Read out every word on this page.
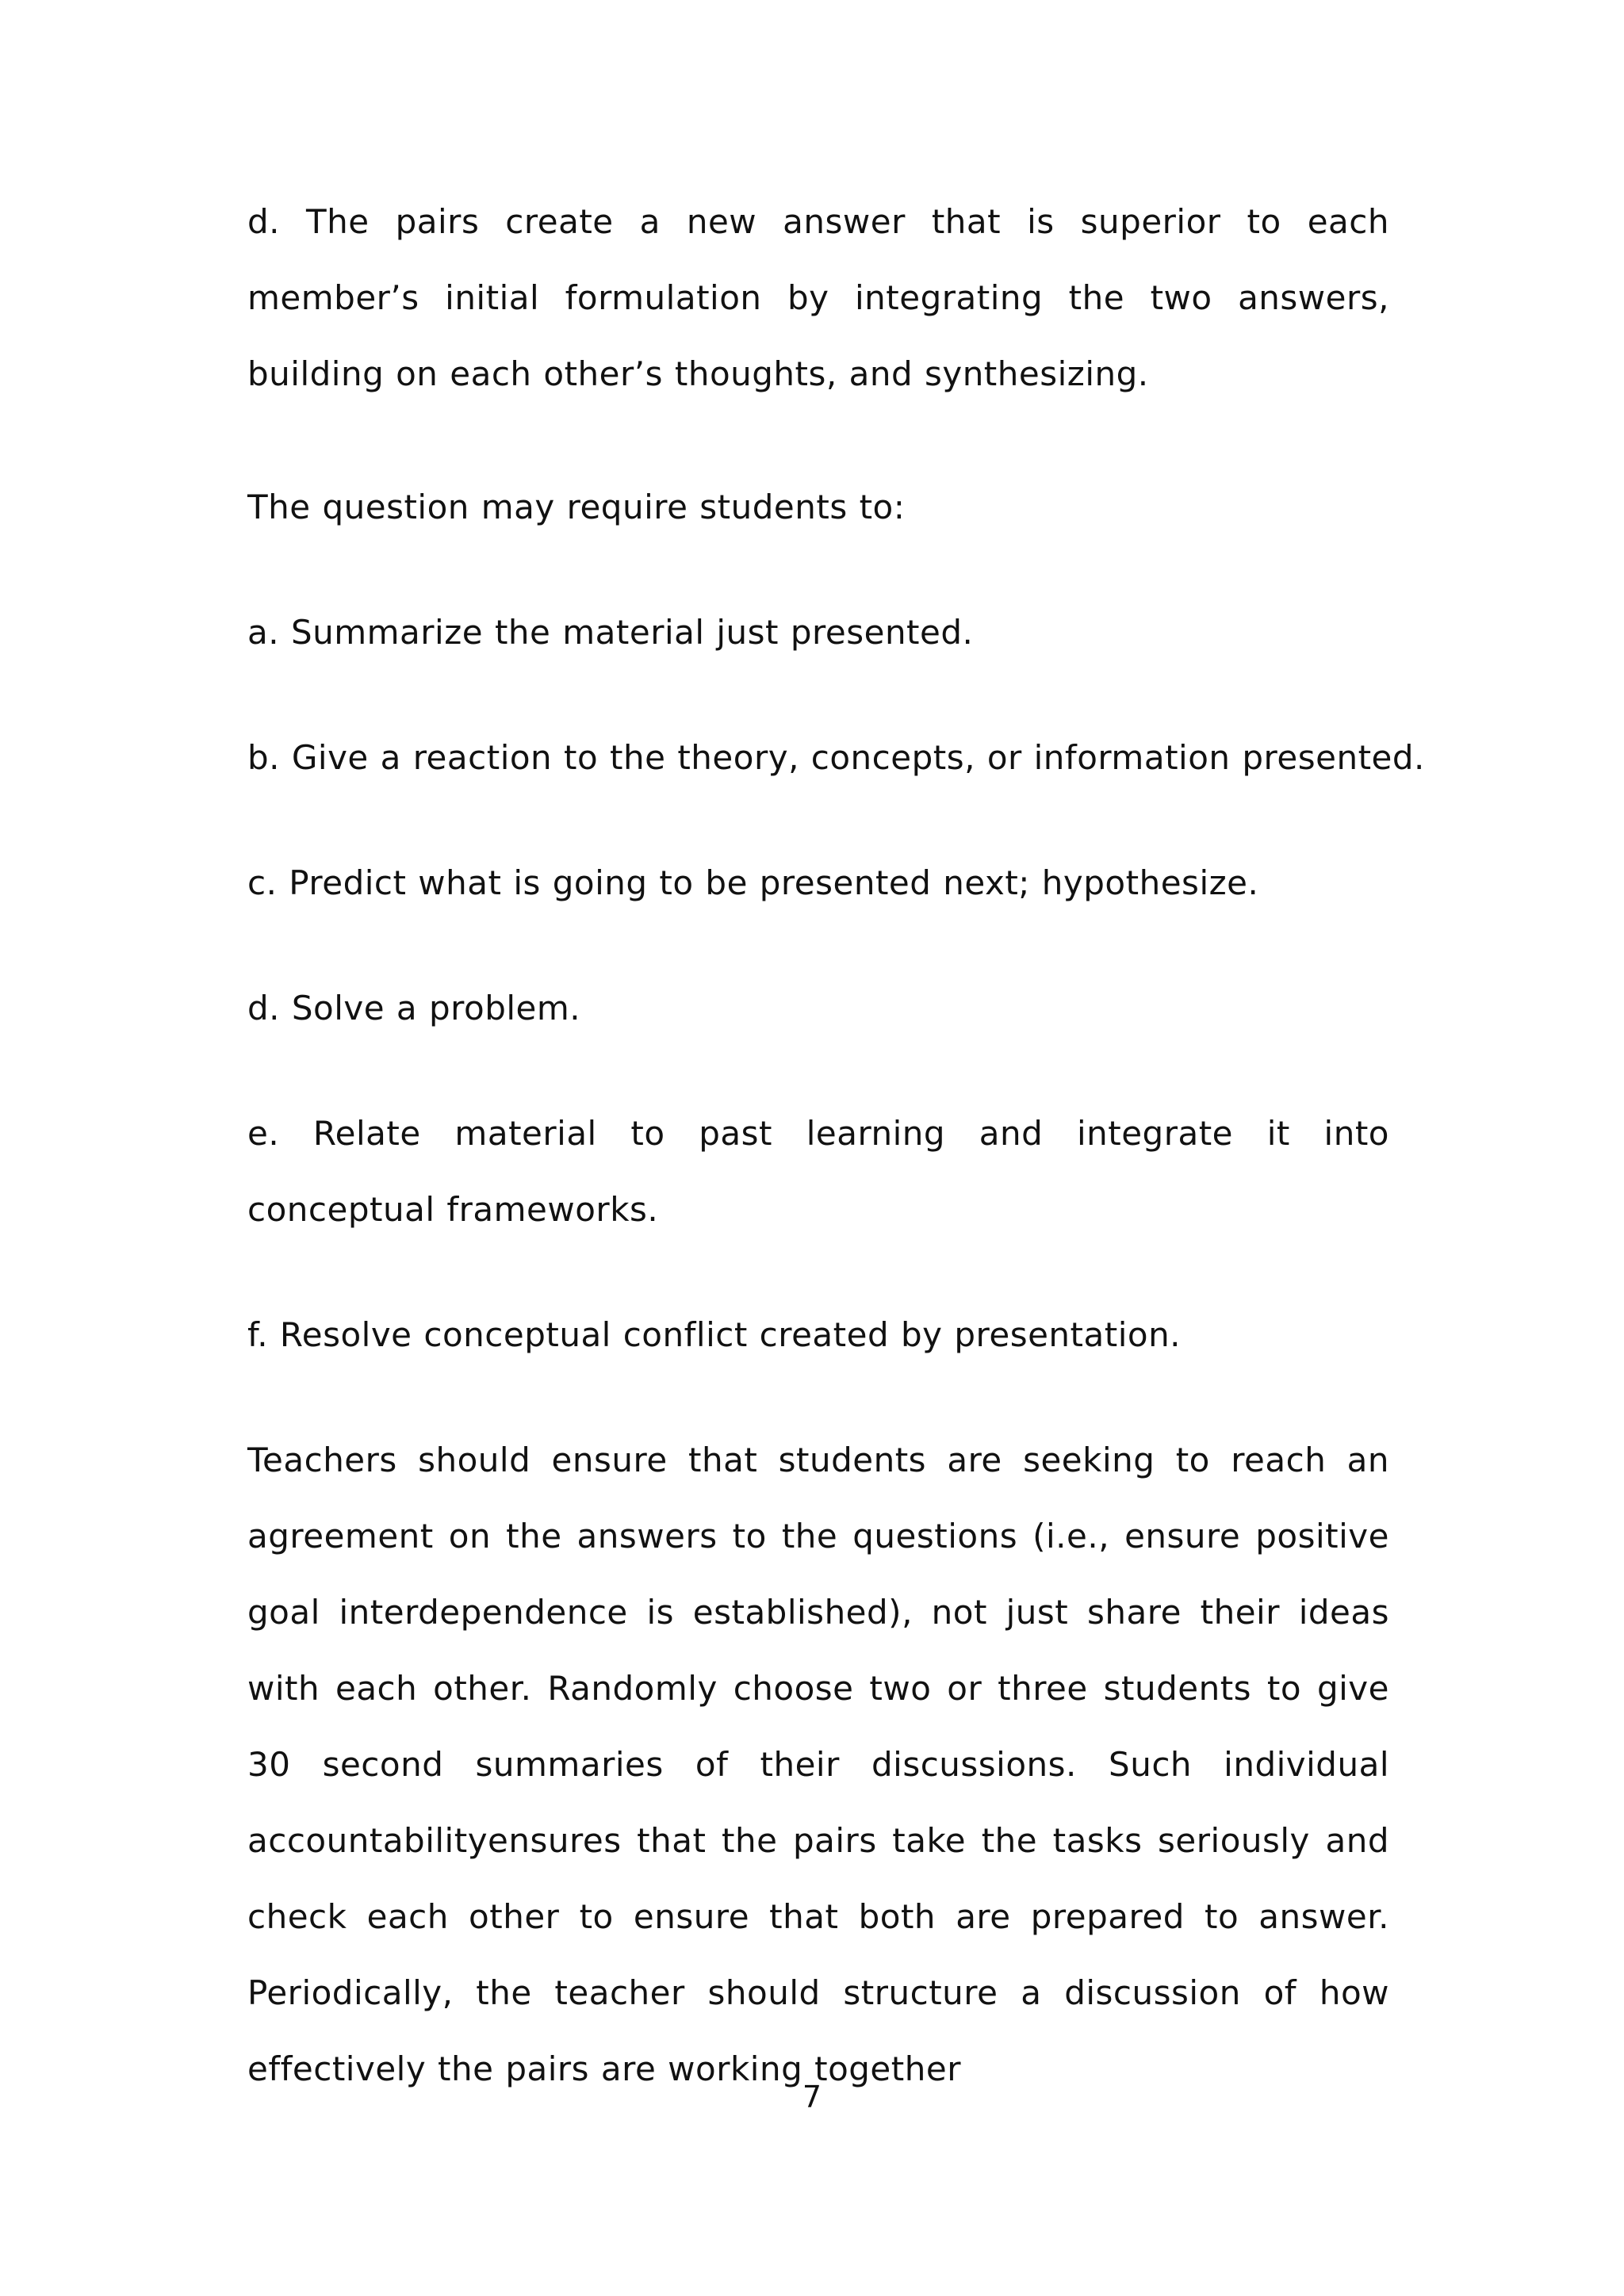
d. The pairs create a new answer that is superior to each member’s initial formulation by integrating the two answers, building on each other’s thoughts, and synthesizing.

The question may require students to:

a. Summarize the material just presented.

b. Give a reaction to the theory, concepts, or information presented.

c. Predict what is going to be presented next; hypothesize.

d. Solve a problem.

e. Relate material to past learning and integrate it into conceptual frameworks.

f. Resolve conceptual conflict created by presentation.

Teachers should ensure that students are seeking to reach an agreement on the answers to the questions (i.e., ensure positive goal interdependence is established), not just share their ideas with each other. Randomly choose two or three students to give 30 second summaries of their discussions. Such individual accountabilityensures that the pairs take the tasks seriously and check each other to ensure that both are prepared to answer. Periodically, the teacher should structure a discussion of how effectively the pairs are working together

7
